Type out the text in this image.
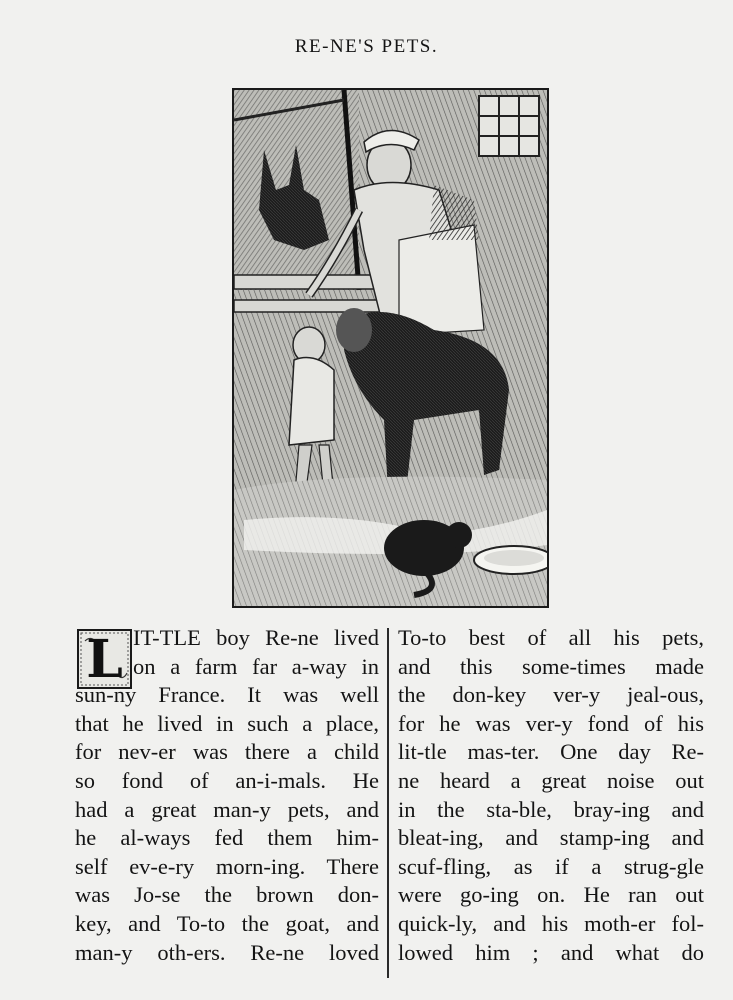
RE-NE'S PETS.
L IT-TLE boy Re-ne lived
on a farm far a-way in
sun-ny France. It was well
that he lived in such a place,
for nev-er was there a child
so fond of an-i-mals. He
had a great man-y pets, and
he al-ways fed them him-
self ev-e-ry morn-ing. There
was Jo-se the brown don-
key, and To-to the goat, and
man-y oth-ers. Re-ne loved
To-to best of all his pets,
and this some-times made
the don-key ver-y jeal-ous,
for he was ver-y fond of his
lit-tle mas-ter. One day Re-
ne heard a great noise out
in the sta-ble, bray-ing and
bleat-ing, and stamp-ing and
scuf-fling, as if a strug-gle
were go-ing on. He ran out
quick-ly, and his moth-er fol-
lowed him ; and what do
